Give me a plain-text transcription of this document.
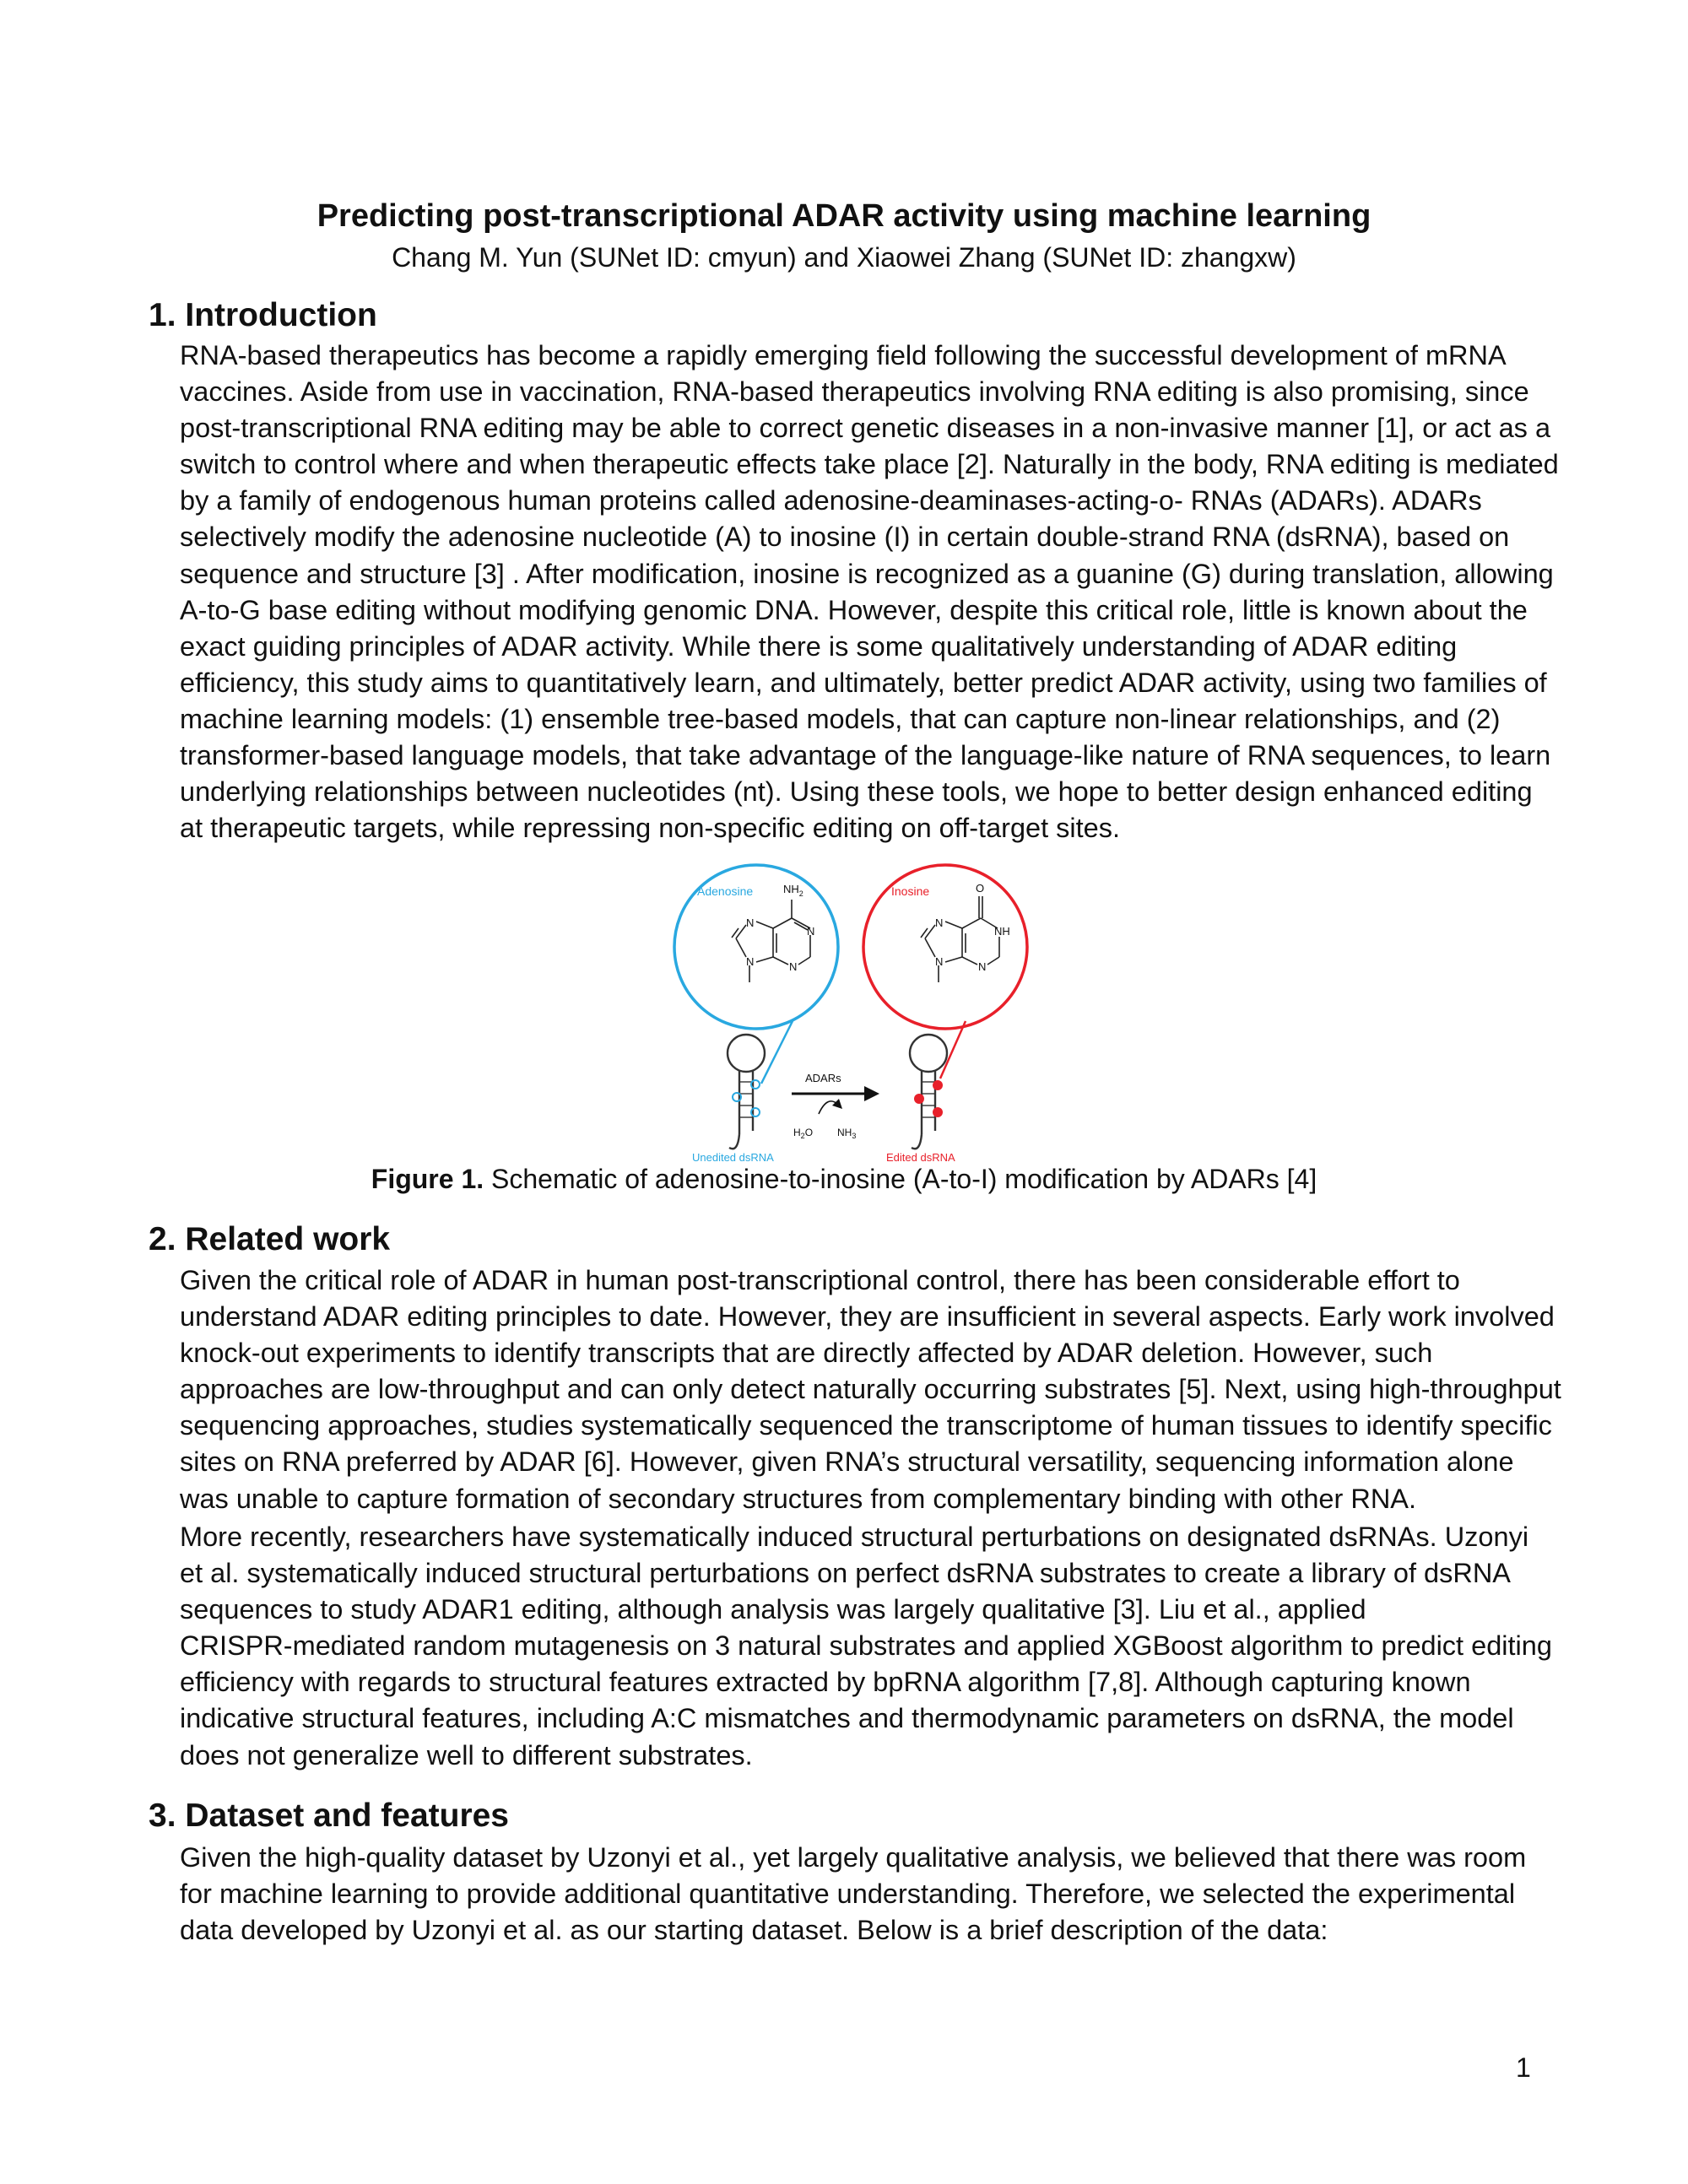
Predicting post-transcriptional ADAR activity using machine learning
Chang M. Yun (SUNet ID: cmyun) and Xiaowei Zhang (SUNet ID: zhangxw)
1. Introduction
RNA-based therapeutics has become a rapidly emerging field following the successful development of mRNA
vaccines. Aside from use in vaccination, RNA-based therapeutics involving RNA editing is also promising, since
post-transcriptional RNA editing may be able to correct genetic diseases in a non-invasive manner [1], or act as a
switch to control where and when therapeutic effects take place [2]. Naturally in the body, RNA editing is mediated
by a family of endogenous human proteins called adenosine-deaminases-acting-o- RNAs (ADARs). ADARs
selectively modify the adenosine nucleotide (A) to inosine (I) in certain double-strand RNA (dsRNA), based on
sequence and structure [3] . After modification, inosine is recognized as a guanine (G) during translation, allowing
A-to-G base editing without modifying genomic DNA. However, despite this critical role, little is known about the
exact guiding principles of ADAR activity. While there is some qualitatively understanding of ADAR editing
efficiency, this study aims to quantitatively learn, and ultimately, better predict ADAR activity, using two families of
machine learning models: (1) ensemble tree-based models, that can capture non-linear relationships, and (2)
transformer-based language models, that take advantage of the language-like nature of RNA sequences, to learn
underlying relationships between nucleotides (nt). Using these tools, we hope to better design enhanced editing
at therapeutic targets, while repressing non-specific editing on off-target sites.
Adenosine	$NH_2$
N
N
N
N
Inosine	O
N
NH
N
N
Unedited dsRNA
ADARs
$H_2O$ $NH_3$
Edited dsRNA
Figure 1. Schematic of adenosine-to-inosine (A-to-I) modification by ADARs [4]
2. Related work
Given the critical role of ADAR in human post-transcriptional control, there has been considerable effort to
understand ADAR editing principles to date. However, they are insufficient in several aspects. Early work involved
knock-out experiments to identify transcripts that are directly affected by ADAR deletion. However, such
approaches are low-throughput and can only detect naturally occurring substrates [5]. Next, using high-throughput
sequencing approaches, studies systematically sequenced the transcriptome of human tissues to identify specific
sites on RNA preferred by ADAR [6]. However, given RNA’s structural versatility, sequencing information alone
was unable to capture formation of secondary structures from complementary binding with other RNA.
More recently, researchers have systematically induced structural perturbations on designated dsRNAs. Uzonyi
et al. systematically induced structural perturbations on perfect dsRNA substrates to create a library of dsRNA
sequences to study ADAR1 editing, although analysis was largely qualitative [3]. Liu et al., applied
CRISPR-mediated random mutagenesis on 3 natural substrates and applied XGBoost algorithm to predict editing
efficiency with regards to structural features extracted by bpRNA algorithm [7,8]. Although capturing known
indicative structural features, including A:C mismatches and thermodynamic parameters on dsRNA, the model
does not generalize well to different substrates.
3. Dataset and features
Given the high-quality dataset by Uzonyi et al., yet largely qualitative analysis, we believed that there was room
for machine learning to provide additional quantitative understanding. Therefore, we selected the experimental
data developed by Uzonyi et al. as our starting dataset. Below is a brief description of the data:
1
